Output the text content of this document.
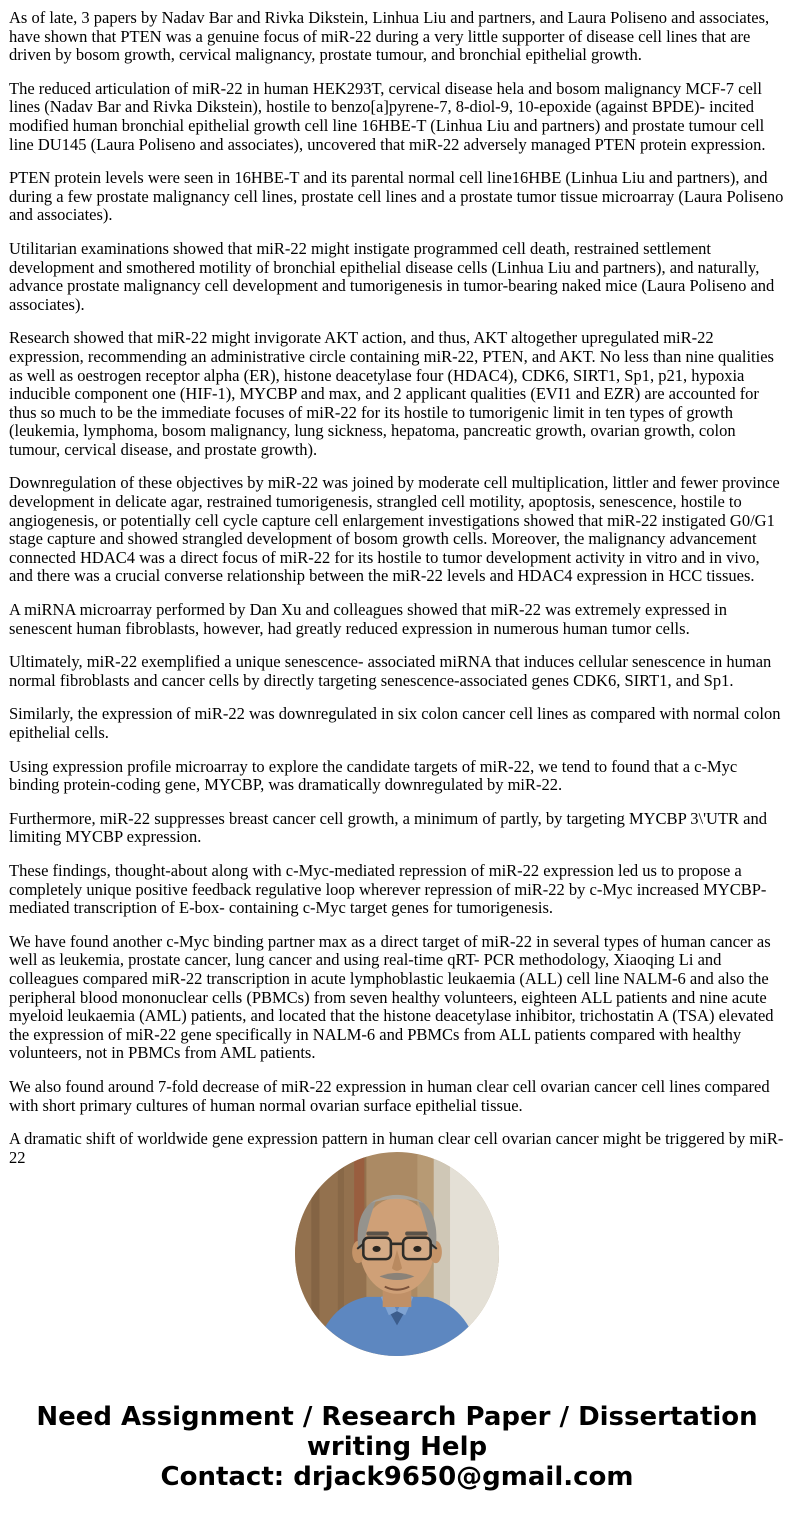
As of late, 3 papers by Nadav Bar and Rivka Dikstein, Linhua Liu and partners, and Laura Poliseno and associates, have shown that PTEN was a genuine focus of miR-22 during a very little supporter of disease cell lines that are driven by bosom growth, cervical malignancy, prostate tumour, and bronchial epithelial growth.

The reduced articulation of miR-22 in human HEK293T, cervical disease hela and bosom malignancy MCF-7 cell lines (Nadav Bar and Rivka Dikstein), hostile to benzo[a]pyrene-7, 8-diol-9, 10-epoxide (against BPDE)- incited modified human bronchial epithelial growth cell line 16HBE-T (Linhua Liu and partners) and prostate tumour cell line DU145 (Laura Poliseno and associates), uncovered that miR-22 adversely managed PTEN protein expression.

PTEN protein levels were seen in 16HBE-T and its parental normal cell line16HBE (Linhua Liu and partners), and during a few prostate malignancy cell lines, prostate cell lines and a prostate tumor tissue microarray (Laura Poliseno and associates).

Utilitarian examinations showed that miR-22 might instigate programmed cell death, restrained settlement development and smothered motility of bronchial epithelial disease cells (Linhua Liu and partners), and naturally, advance prostate malignancy cell development and tumorigenesis in tumor-bearing naked mice (Laura Poliseno and associates).

Research showed that miR-22 might invigorate AKT action, and thus, AKT altogether upregulated miR-22 expression, recommending an administrative circle containing miR-22, PTEN, and AKT. No less than nine qualities as well as oestrogen receptor alpha (ER), histone deacetylase four (HDAC4), CDK6, SIRT1, Sp1, p21, hypoxia inducible component one (HIF-1), MYCBP and max, and 2 applicant qualities (EVI1 and EZR) are accounted for thus so much to be the immediate focuses of miR-22 for its hostile to tumorigenic limit in ten types of growth (leukemia, lymphoma, bosom malignancy, lung sickness, hepatoma, pancreatic growth, ovarian growth, colon tumour, cervical disease, and prostate growth).

Downregulation of these objectives by miR-22 was joined by moderate cell multiplication, littler and fewer province development in delicate agar, restrained tumorigenesis, strangled cell motility, apoptosis, senescence, hostile to angiogenesis, or potentially cell cycle capture cell enlargement investigations showed that miR-22 instigated G0/G1 stage capture and showed strangled development of bosom growth cells. Moreover, the malignancy advancement connected HDAC4 was a direct focus of miR-22 for its hostile to tumor development activity in vitro and in vivo, and there was a crucial converse relationship between the miR-22 levels and HDAC4 expression in HCC tissues.

A miRNA microarray performed by Dan Xu and colleagues showed that miR-22 was extremely expressed in senescent human fibroblasts, however, had greatly reduced expression in numerous human tumor cells.

Ultimately, miR-22 exemplified a unique senescence- associated miRNA that induces cellular senescence in human normal fibroblasts and cancer cells by directly targeting senescence-associated genes CDK6, SIRT1, and Sp1.

Similarly, the expression of miR-22 was downregulated in six colon cancer cell lines as compared with normal colon epithelial cells.

Using expression profile microarray to explore the candidate targets of miR-22, we tend to found that a c-Myc binding protein-coding gene, MYCBP, was dramatically downregulated by miR-22.

Furthermore, miR-22 suppresses breast cancer cell growth, a minimum of partly, by targeting MYCBP 3\'UTR and limiting MYCBP expression.

These findings, thought-about along with c-Myc-mediated repression of miR-22 expression led us to propose a completely unique positive feedback regulative loop wherever repression of miR-22 by c-Myc increased MYCBP-mediated transcription of E-box- containing c-Myc target genes for tumorigenesis.

We have found another c-Myc binding partner max as a direct target of miR-22 in several types of human cancer as well as leukemia, prostate cancer, lung cancer and using real-time qRT- PCR methodology, Xiaoqing Li and colleagues compared miR-22 transcription in acute lymphoblastic leukaemia (ALL) cell line NALM-6 and also the peripheral blood mononuclear cells (PBMCs) from seven healthy volunteers, eighteen ALL patients and nine acute myeloid leukaemia (AML) patients, and located that the histone deacetylase inhibitor, trichostatin A (TSA) elevated the expression of miR-22 gene specifically in NALM-6 and PBMCs from ALL patients compared with healthy volunteers, not in PBMCs from AML patients.

We also found around 7-fold decrease of miR-22 expression in human clear cell ovarian cancer cell lines compared with short primary cultures of human normal ovarian surface epithelial tissue.

A dramatic shift of worldwide gene expression pattern in human clear cell ovarian cancer might be triggered by miR-22

Need Assignment / Research Paper / Dissertation writing Help
Contact: drjack9650@gmail.com
